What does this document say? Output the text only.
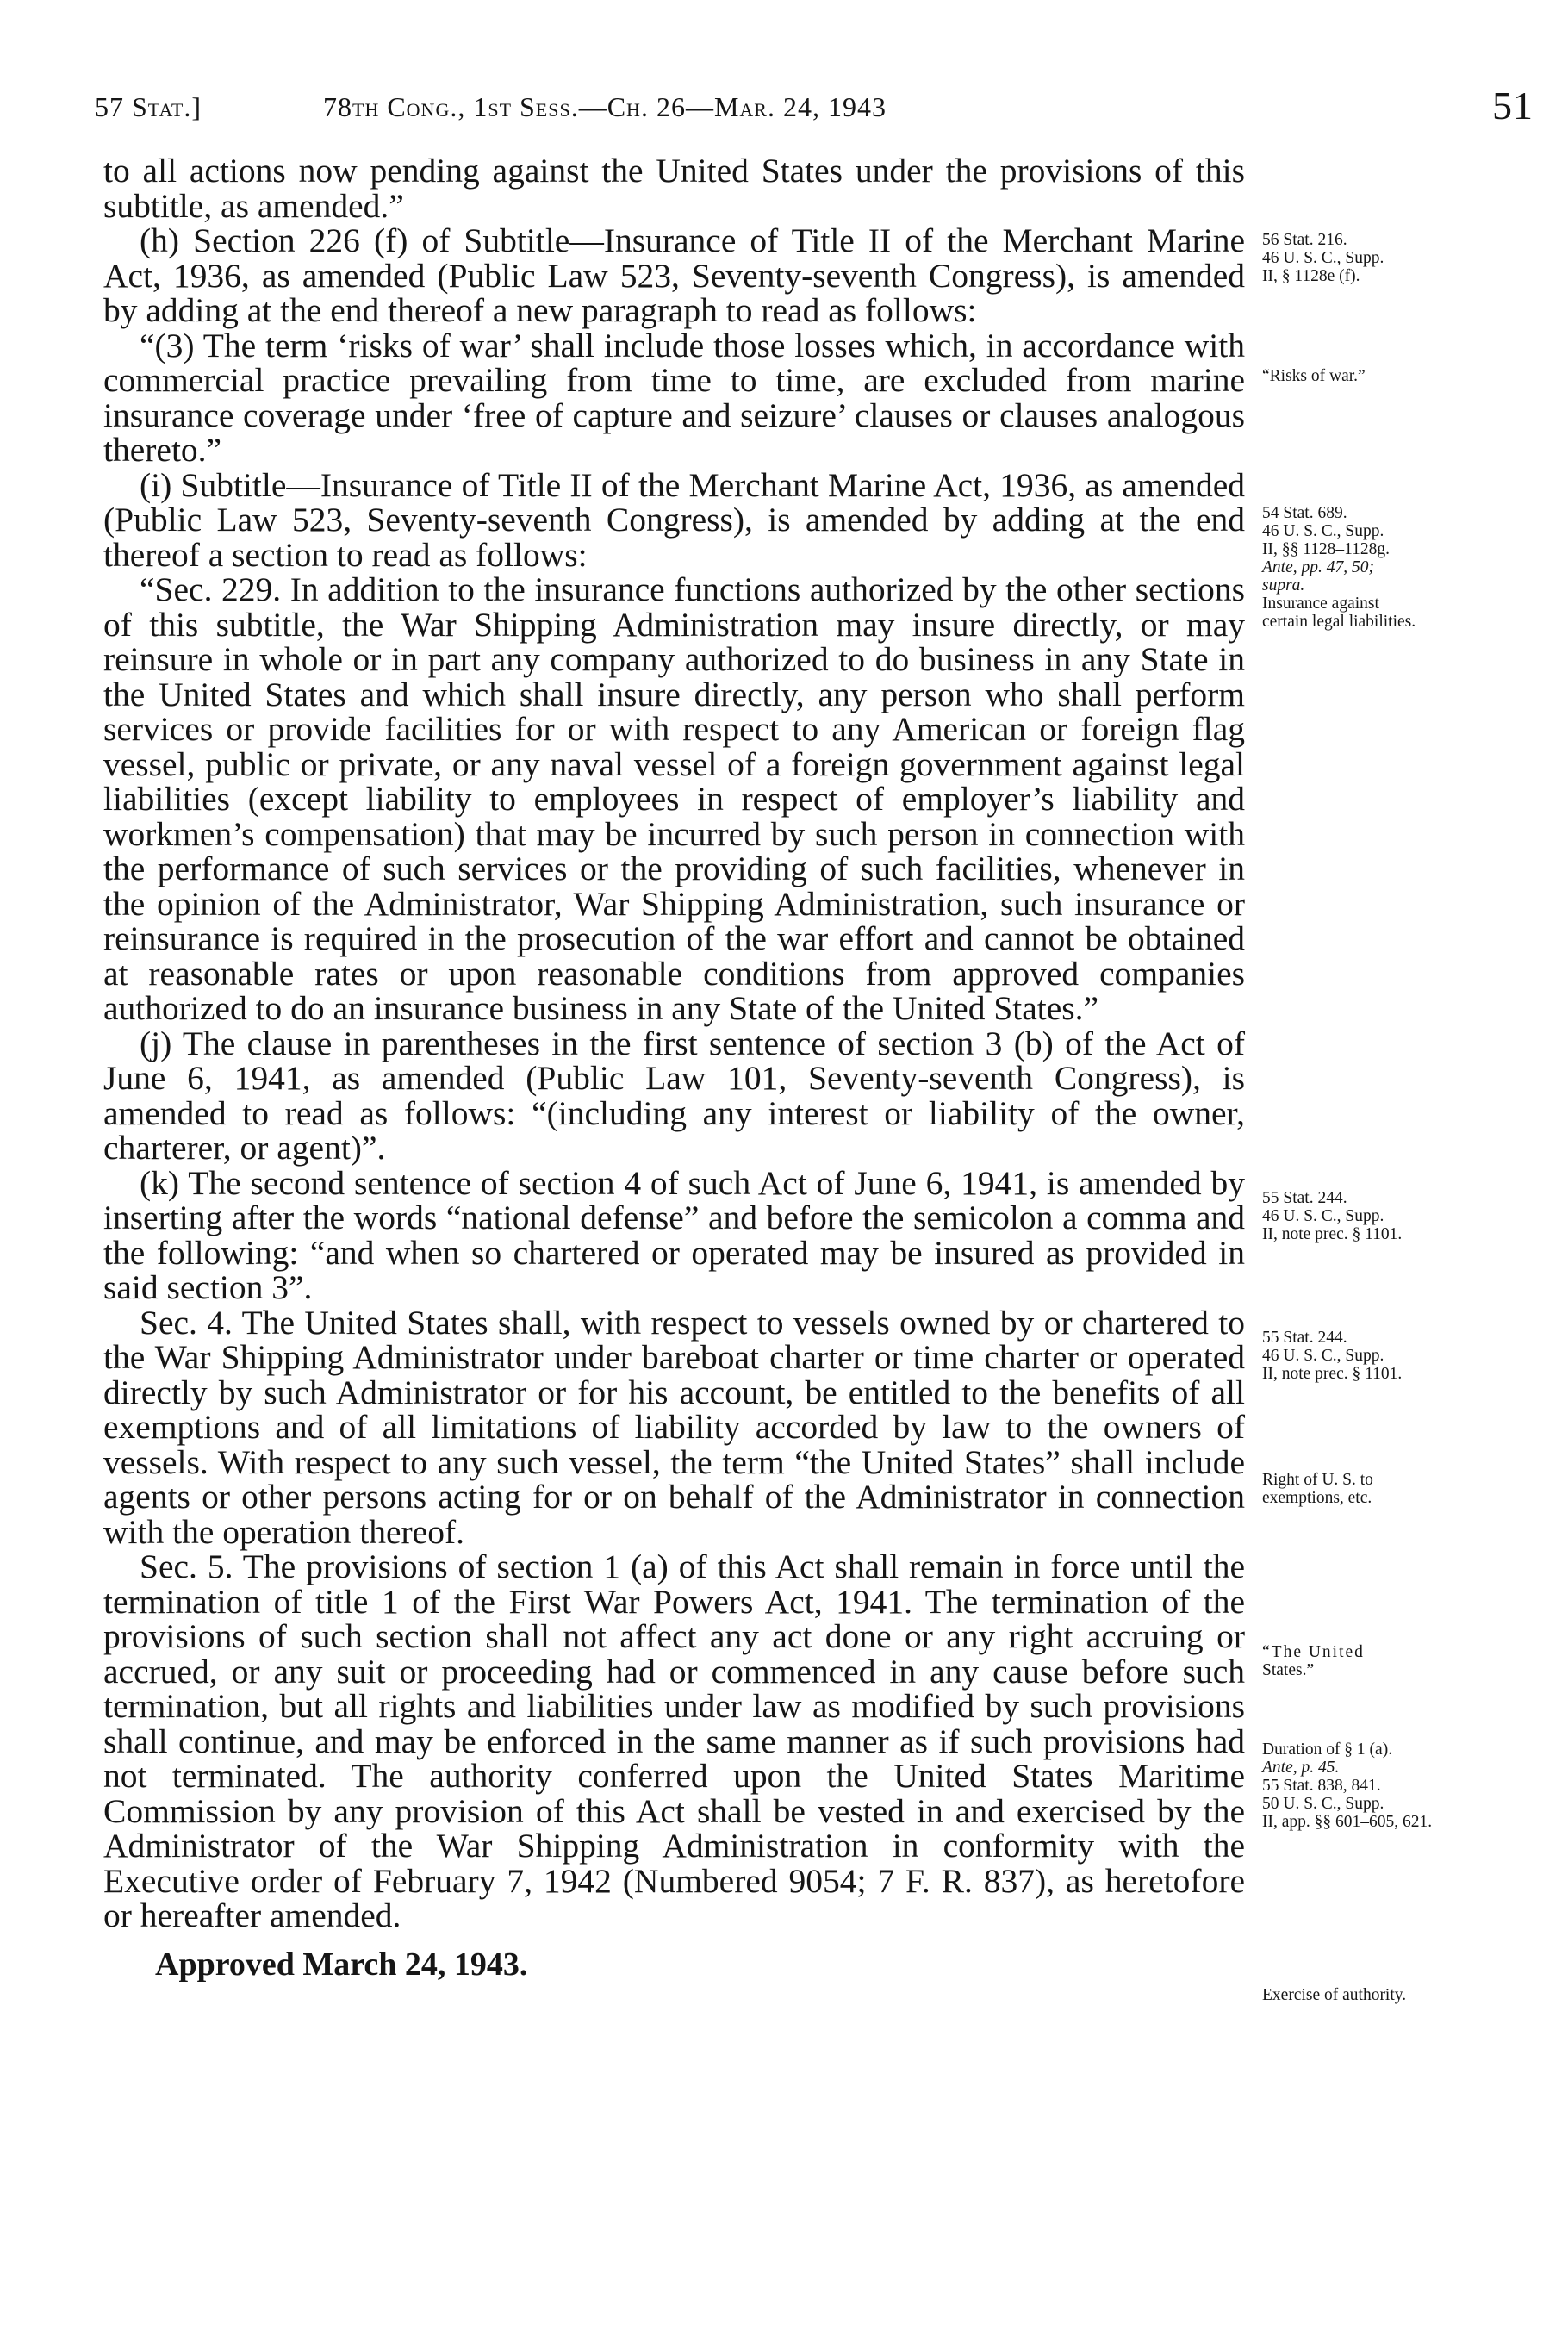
57 Stat.]	78th Cong., 1st Sess.—Ch. 26—Mar. 24, 1943	51

to all actions now pending against the United States under the provisions of this subtitle, as amended.”

(h) Section 226 (f) of Subtitle—Insurance of Title II of the Merchant Marine Act, 1936, as amended (Public Law 523, Seventy-seventh Congress), is amended by adding at the end thereof a new paragraph to read as follows:

“(3) The term ‘risks of war’ shall include those losses which, in accordance with commercial practice prevailing from time to time, are excluded from marine insurance coverage under ‘free of capture and seizure’ clauses or clauses analogous thereto.”

(i) Subtitle—Insurance of Title II of the Merchant Marine Act, 1936, as amended (Public Law 523, Seventy-seventh Congress), is amended by adding at the end thereof a section to read as follows:

“Sec. 229. In addition to the insurance functions authorized by the other sections of this subtitle, the War Shipping Administration may insure directly, or may reinsure in whole or in part any company authorized to do business in any State in the United States and which shall insure directly, any person who shall perform services or provide facilities for or with respect to any American or foreign flag vessel, public or private, or any naval vessel of a foreign government against legal liabilities (except liability to employees in respect of employer’s liability and workmen’s compensation) that may be incurred by such person in connection with the performance of such services or the providing of such facilities, whenever in the opinion of the Administrator, War Shipping Administration, such insurance or reinsurance is required in the prosecution of the war effort and cannot be obtained at reasonable rates or upon reasonable conditions from approved companies authorized to do an insurance business in any State of the United States.”

(j) The clause in parentheses in the first sentence of section 3 (b) of the Act of June 6, 1941, as amended (Public Law 101, Seventy-seventh Congress), is amended to read as follows: “(including any interest or liability of the owner, charterer, or agent)”.

(k) The second sentence of section 4 of such Act of June 6, 1941, is amended by inserting after the words “national defense” and before the semicolon a comma and the following: “and when so chartered or operated may be insured as provided in said section 3”.

Sec. 4. The United States shall, with respect to vessels owned by or chartered to the War Shipping Administrator under bareboat charter or time charter or operated directly by such Administrator or for his account, be entitled to the benefits of all exemptions and of all limitations of liability accorded by law to the owners of vessels. With respect to any such vessel, the term “the United States” shall include agents or other persons acting for or on behalf of the Administrator in connection with the operation thereof.

Sec. 5. The provisions of section 1 (a) of this Act shall remain in force until the termination of title 1 of the First War Powers Act, 1941. The termination of the provisions of such section shall not affect any act done or any right accruing or accrued, or any suit or proceeding had or commenced in any cause before such termination, but all rights and liabilities under law as modified by such provisions shall continue, and may be enforced in the same manner as if such provisions had not terminated. The authority conferred upon the United States Maritime Commission by any provision of this Act shall be vested in and exercised by the Administrator of the War Shipping Administration in conformity with the Executive order of February 7, 1942 (Numbered 9054; 7 F. R. 837), as heretofore or hereafter amended.

Approved March 24, 1943.

56 Stat. 216.
46 U. S. C., Supp.
II, § 1128e (f).
“Risks of war.”
54 Stat. 689.
46 U. S. C., Supp.
II, §§ 1128–1128g.
Ante, pp. 47, 50;
supra.
Insurance against
certain legal liabilities.
55 Stat. 244.
46 U. S. C., Supp.
II, note prec. § 1101.
55 Stat. 244.
46 U. S. C., Supp.
II, note prec. § 1101.
Right of U. S. to
exemptions, etc.
“The United
States.”
Duration of § 1 (a).
Ante, p. 45.
55 Stat. 838, 841.
50 U. S. C., Supp.
II, app. §§ 601–605, 621.
Exercise of authority.
